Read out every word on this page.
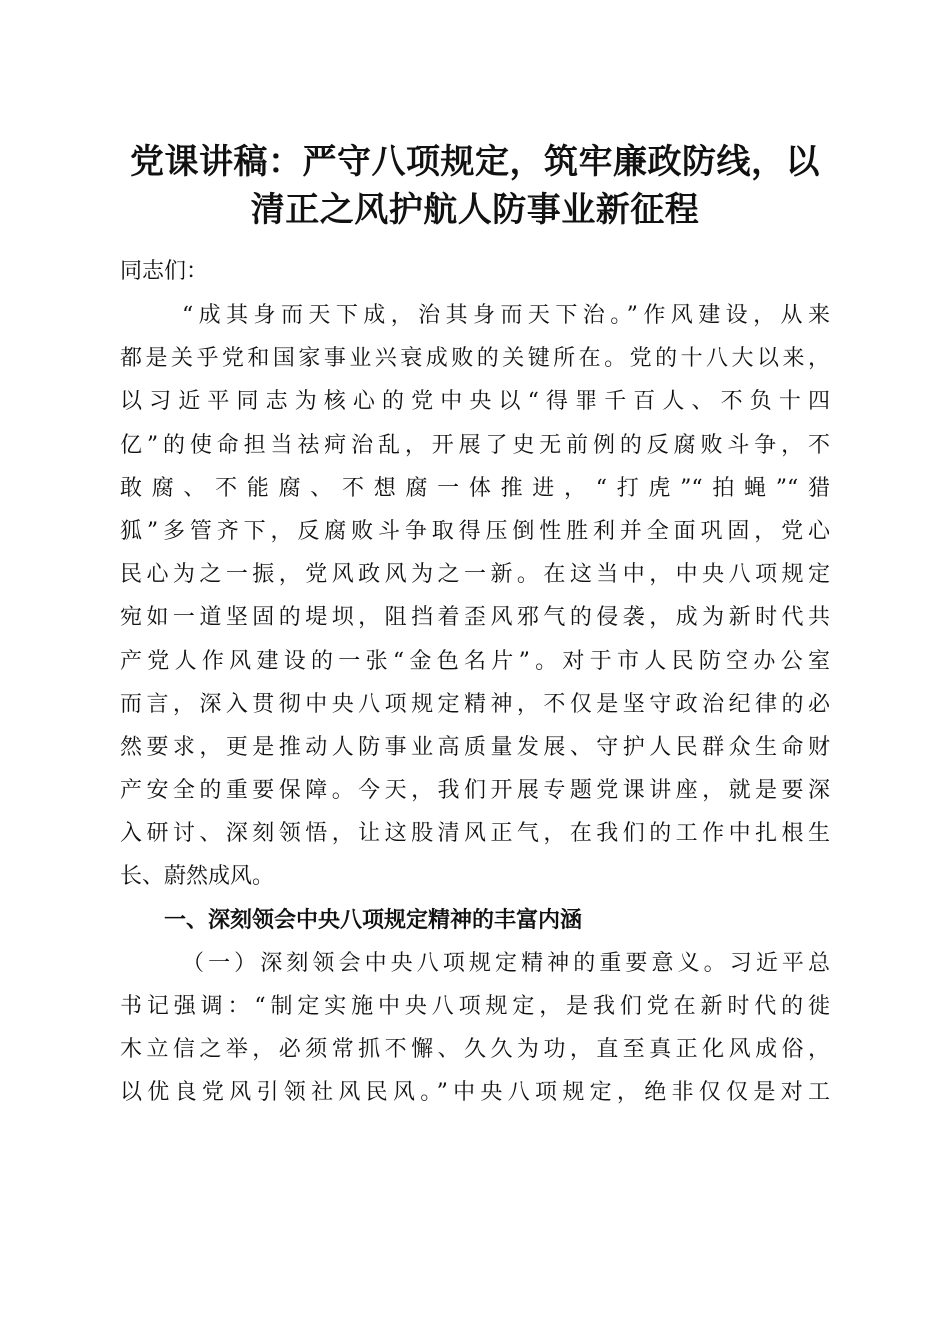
党课讲稿：严守八项规定，筑牢廉政防线，以
清正之风护航人防事业新征程

同志们：

“成其身而天下成，治其身而天下治。”作风建设，从来
都是关乎党和国家事业兴衰成败的关键所在。党的十八大以来，
以习近平同志为核心的党中央以“得罪千百人、不负十四
亿”的使命担当祛疴治乱，开展了史无前例的反腐败斗争，不
敢腐、不能腐、不想腐一体推进，“打虎”“拍蝇”“猎
狐”多管齐下，反腐败斗争取得压倒性胜利并全面巩固，党心
民心为之一振，党风政风为之一新。在这当中，中央八项规定
宛如一道坚固的堤坝，阻挡着歪风邪气的侵袭，成为新时代共
产党人作风建设的一张“金色名片”。对于市人民防空办公室
而言，深入贯彻中央八项规定精神，不仅是坚守政治纪律的必
然要求，更是推动人防事业高质量发展、守护人民群众生命财
产安全的重要保障。今天，我们开展专题党课讲座，就是要深
入研讨、深刻领悟，让这股清风正气，在我们的工作中扎根生
长、蔚然成风。

一、深刻领会中央八项规定精神的丰富内涵

（一）深刻领会中央八项规定精神的重要意义。习近平总
书记强调：“制定实施中央八项规定，是我们党在新时代的徙
木立信之举，必须常抓不懈、久久为功，直至真正化风成俗，
以优良党风引领社风民风。”中央八项规定，绝非仅仅是对工
